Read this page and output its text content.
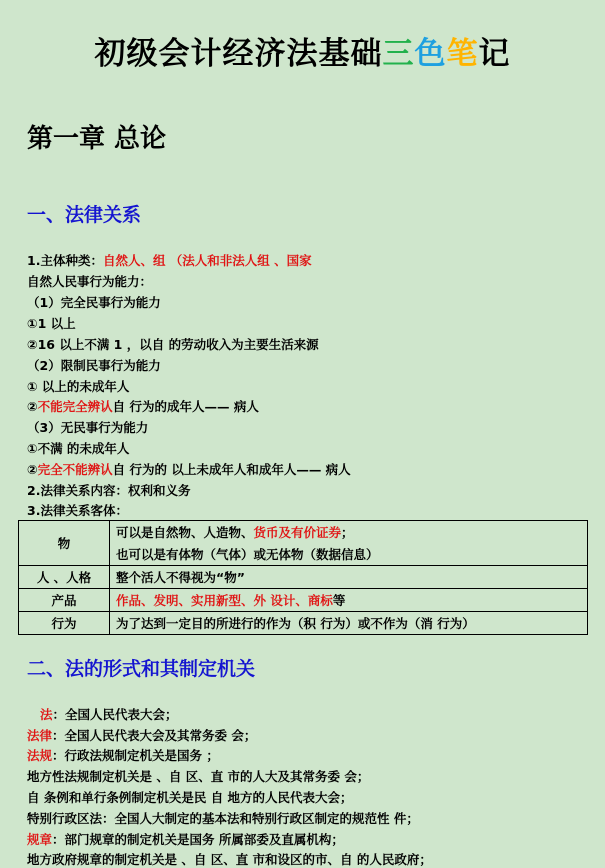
初级会计经济法基础三色笔记
第一章 总论
一、法律关系
1.主体种类：自然人、组 （法人和非法人组 、国家
自然人民事行为能力：
（1）完全民事行为能力
①1 以上
②16 以上不满 1 ，以自 的劳动收入为主要生活来源
（2）限制民事行为能力
① 以上的未成年人
②不能完全辨认自 行为的成年人—— 病人
（3）无民事行为能力
①不满 的未成年人
②完全不能辨认自 行为的 以上未成年人和成年人—— 病人
2.法律关系内容：权利和义务
3.法律关系客体：
物	可以是自然物、人造物、货币及有价证券；
也可以是有体物（气体）或无体物（数据信息）

人 、人格	整个活人不得视为“物”
产品	作品、发明、实用新型、外 设计、商标等
行为	为了达到一定目的所进行的作为（积 行为）或不作为（消 行为）
二、法的形式和其制定机关
法：全国人民代表大会；
法律：全国人民代表大会及其常务委 会；
法规：行政法规制定机关是国务 ；
地方性法规制定机关是 、自 区、直 市的人大及其常务委 会；
自 条例和单行条例制定机关是民 自 地方的人民代表大会；
特别行政区法：全国人大制定的基本法和特别行政区制定的规范性 件；
规章：部门规章的制定机关是国务 所属部委及直属机构；
地方政府规章的制定机关是 、自 区、直 市和设区的市、自 的人民政府；
